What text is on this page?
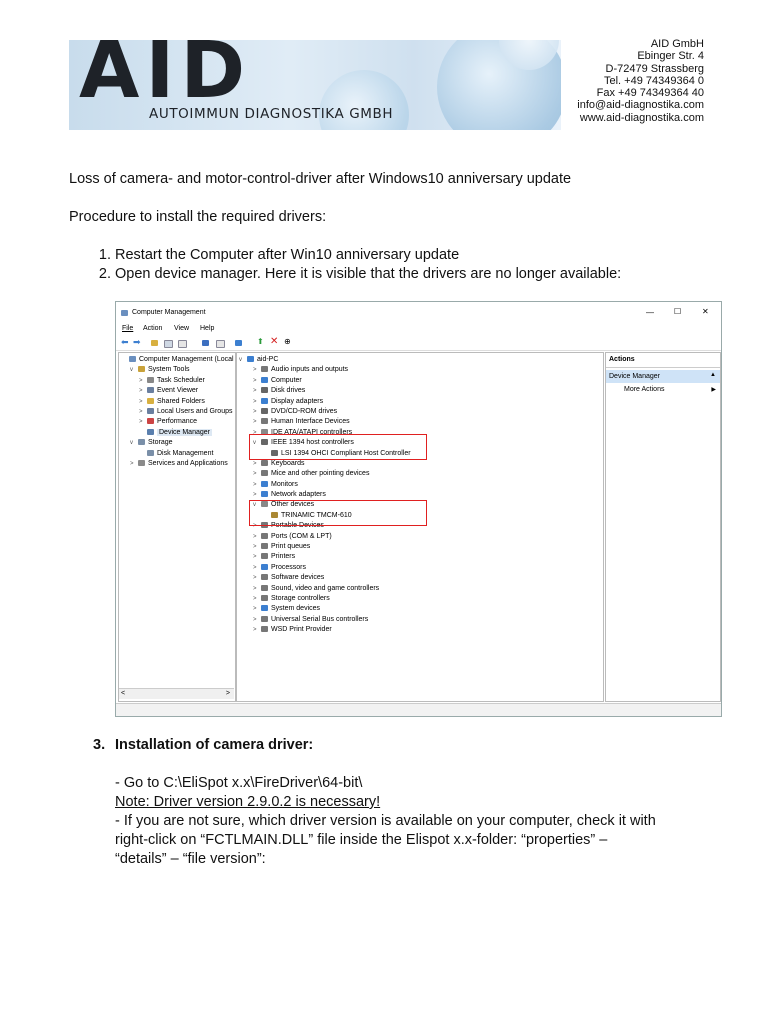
AID
AUTOIMMUN DIAGNOSTIKA GMBH
AID GmbH
Ebinger Str. 4
D-72479 Strassberg
Tel. +49 74349364 0
Fax +49 74349364 40
info@aid-diagnostika.com
www.aid-diagnostika.com
Loss of camera- and motor-control-driver after Windows10 anniversary update
Procedure to install the required drivers:
1. Restart the Computer after Win10 anniversary update
2. Open device manager. Here it is visible that the drivers are no longer available:
Computer Management	—	☐	✕
File Action View Help
⬅ ➡	⬆ ✕ ⊕
Computer Management (Local
v System Tools
> Task Scheduler
> Event Viewer
> Shared Folders
> Local Users and Groups
> Performance
Device Manager
v Storage
Disk Management
> Services and Applications
<	>
v aid-PC
> Audio inputs and outputs
> Computer
> Disk drives
> Display adapters
> DVD/CD-ROM drives
> Human Interface Devices
> IDE ATA/ATAPI controllers
v IEEE 1394 host controllers
LSI 1394 OHCI Compliant Host Controller
> Keyboards
> Mice and other pointing devices
> Monitors
> Network adapters
v Other devices
TRINAMIC TMCM-610
> Portable Devices
> Ports (COM & LPT)
> Print queues
> Printers
> Processors
> Software devices
> Sound, video and game controllers
> Storage controllers
> System devices
> Universal Serial Bus controllers
> WSD Print Provider
Actions
Device Manager	▲
More Actions	▶
3. Installation of camera driver:
- Go to C:\EliSpot x.x\FireDriver\64-bit\
Note: Driver version 2.9.0.2 is necessary!
- If you are not sure, which driver version is available on your computer, check it with
right-click on “FCTLMAIN.DLL” file inside the Elispot x.x-folder: “properties” –
“details” – “file version”:
